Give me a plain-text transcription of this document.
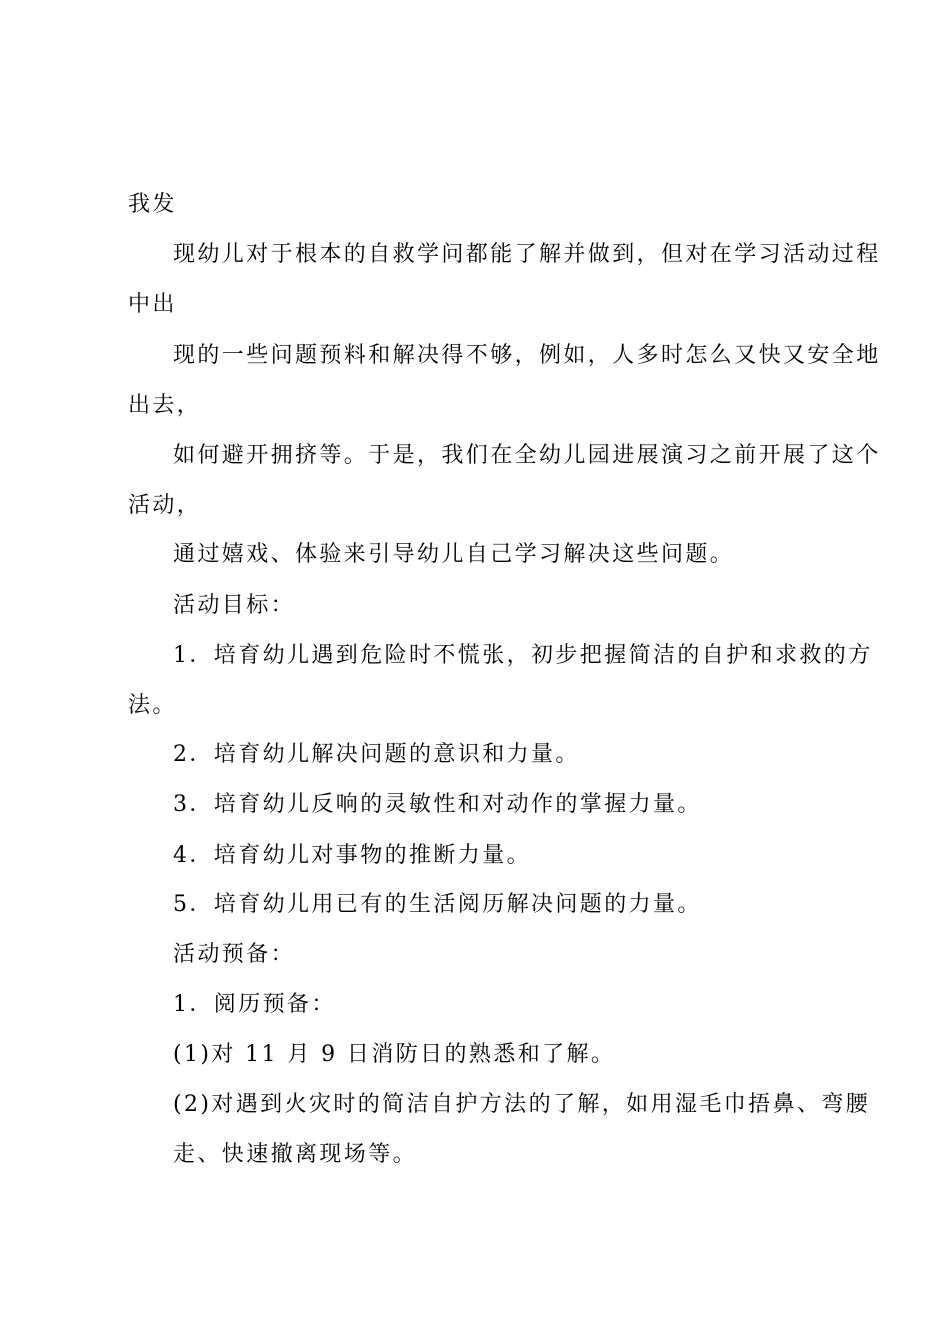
我发
现幼儿对于根本的自救学问都能了解并做到，但对在学习活动过程
中出
现的一些问题预料和解决得不够，例如，人多时怎么又快又安全地
出去，
如何避开拥挤等。于是，我们在全幼儿园进展演习之前开展了这个
活动，
通过嬉戏、体验来引导幼儿自己学习解决这些问题。
活动目标：
1．培育幼儿遇到危险时不慌张，初步把握简洁的自护和求救的方
法。
2．培育幼儿解决问题的意识和力量。
3．培育幼儿反响的灵敏性和对动作的掌握力量。
4．培育幼儿对事物的推断力量。
5．培育幼儿用已有的生活阅历解决问题的力量。
活动预备：
1．阅历预备：
(1)对 11 月 9 日消防日的熟悉和了解。
(2)对遇到火灾时的简洁自护方法的了解，如用湿毛巾捂鼻、弯腰
走、快速撤离现场等。
